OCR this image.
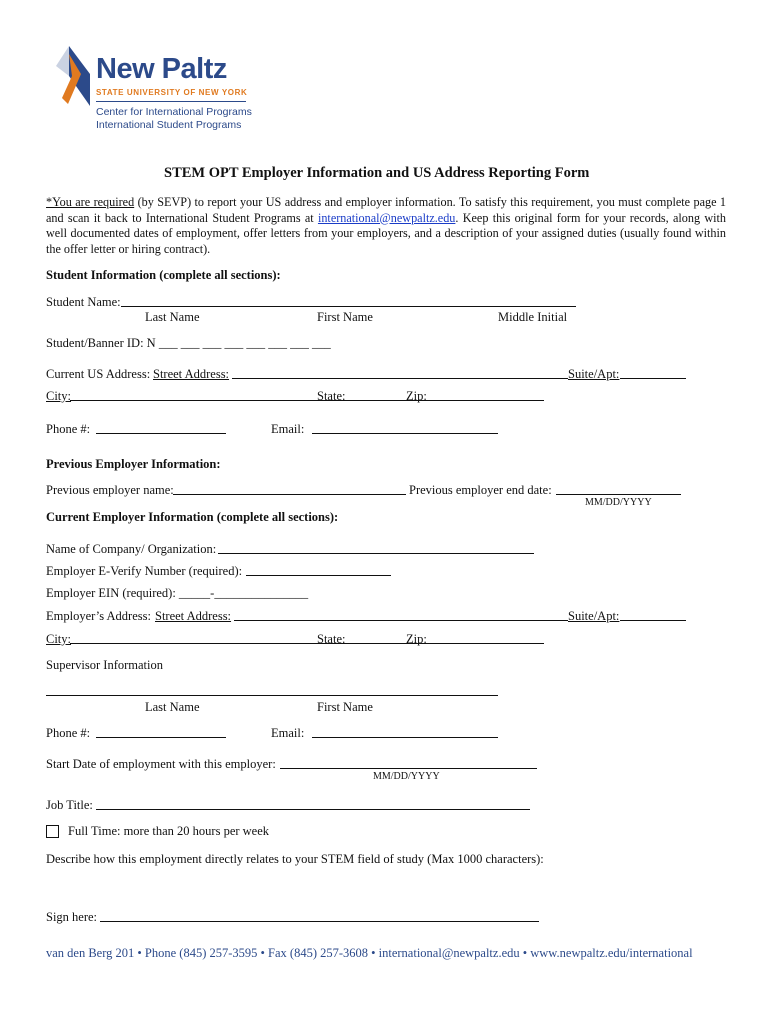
New Paltz
STATE UNIVERSITY OF NEW YORK
Center for International Programs
International Student Programs
STEM OPT Employer Information and US Address Reporting Form
*You are required (by SEVP) to report your US address and employer information. To satisfy this requirement, you must complete page 1 and scan it back to International Student Programs at international@newpaltz.edu. Keep this original form for your records, along with well documented dates of employment, offer letters from your employers, and a description of your assigned duties (usually found within the offer letter or hiring contract).
Student Information (complete all sections):
Student Name:
Last Name	First Name	Middle Initial
Student/Banner ID: N ___ ___ ___ ___ ___ ___ ___ ___
Current US Address: Street Address:	Suite/Apt:
City:	State:	Zip:
Phone #:	Email:
Previous Employer Information:
Previous employer name:	Previous employer end date:
MM/DD/YYYY
Current Employer Information (complete all sections):
Name of Company/ Organization:
Employer E-Verify Number (required):
Employer EIN (required): _____-_______________
Employer’s Address: Street Address:	Suite/Apt:
City:	State:	Zip:
Supervisor Information
Last Name	First Name
Phone #:	Email:
Start Date of employment with this employer:
MM/DD/YYYY
Job Title:
Full Time: more than 20 hours per week
Describe how this employment directly relates to your STEM field of study (Max 1000 characters):
Sign here:
van den Berg 201 • Phone (845) 257-3595 • Fax (845) 257-3608 • international@newpaltz.edu • www.newpaltz.edu/international
